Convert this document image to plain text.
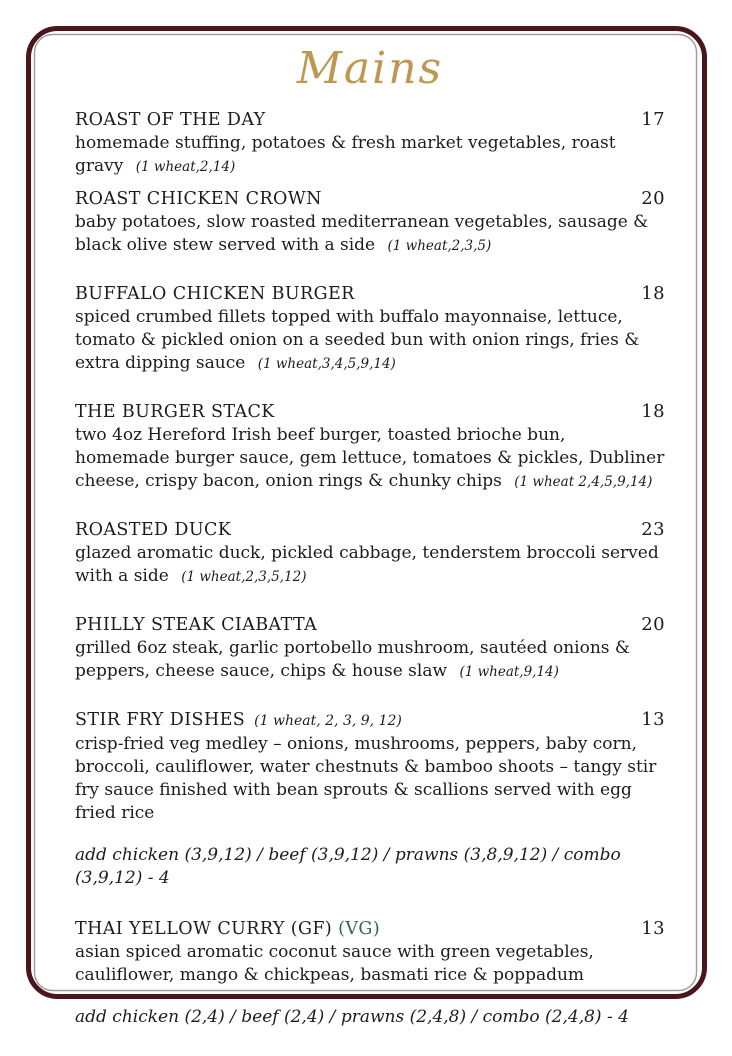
Mains
ROAST OF THE DAY	17
homemade stuffing, potatoes & fresh market vegetables, roast gravy (1 wheat,2,14)
ROAST CHICKEN CROWN	20
baby potatoes, slow roasted mediterranean vegetables, sausage & black olive stew served with a side (1 wheat,2,3,5)
BUFFALO CHICKEN BURGER	18
spiced crumbed fillets topped with buffalo mayonnaise, lettuce, tomato & pickled onion on a seeded bun with onion rings, fries & extra dipping sauce (1 wheat,3,4,5,9,14)
THE BURGER STACK	18
two 4oz Hereford Irish beef burger, toasted brioche bun, homemade burger sauce, gem lettuce, tomatoes & pickles, Dubliner cheese, crispy bacon, onion rings & chunky chips (1 wheat 2,4,5,9,14)
ROASTED DUCK	23
glazed aromatic duck, pickled cabbage, tenderstem broccoli served with a side (1 wheat,2,3,5,12)
PHILLY STEAK CIABATTA	20
grilled 6oz steak, garlic portobello mushroom, sautéed onions & peppers, cheese sauce, chips & house slaw (1 wheat,9,14)
STIR FRY DISHES (1 wheat, 2, 3, 9, 12)	13
crisp-fried veg medley – onions, mushrooms, peppers, baby corn, broccoli, cauliflower, water chestnuts & bamboo shoots – tangy stir fry sauce finished with bean sprouts & scallions served with egg fried rice
add chicken (3,9,12) / beef (3,9,12) / prawns (3,8,9,12) / combo (3,9,12) - 4
THAI YELLOW CURRY (GF) (VG)	13
asian spiced aromatic coconut sauce with green vegetables, cauliflower, mango & chickpeas, basmati rice & poppadum
add chicken (2,4) / beef (2,4) / prawns (2,4,8) / combo (2,4,8) - 4
